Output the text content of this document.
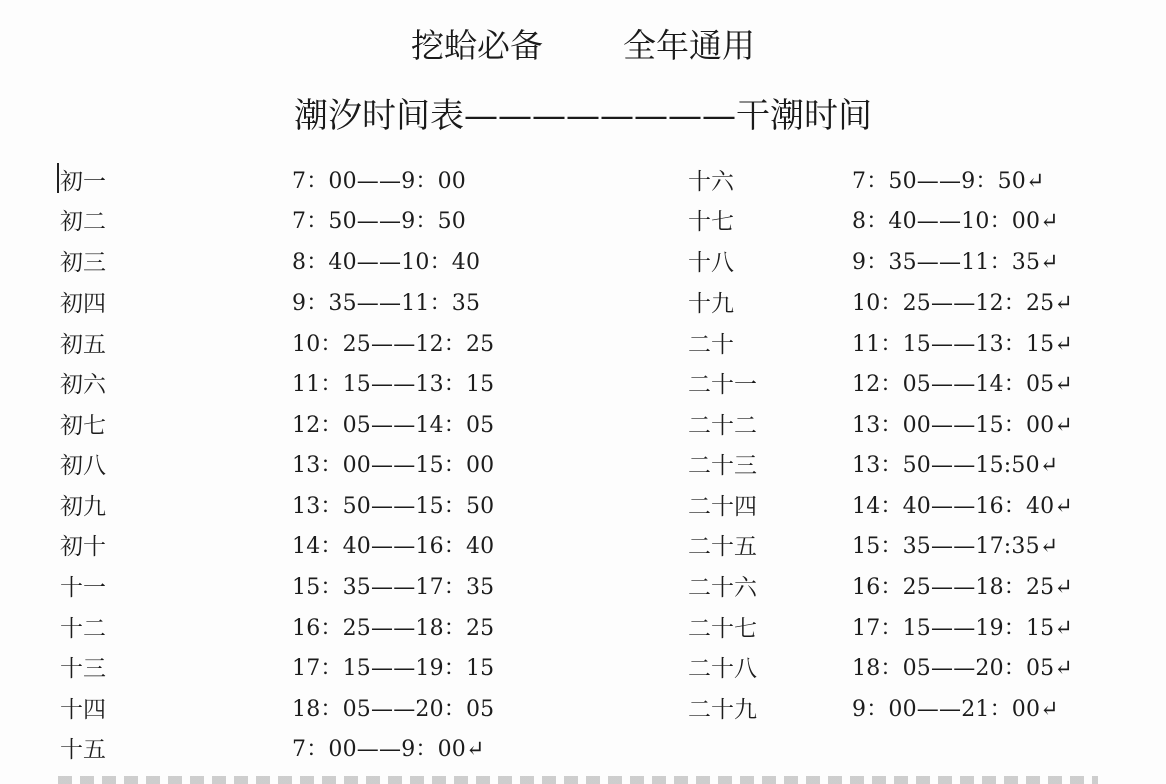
挖蛤必备 全年通用
潮汐时间表————————干潮时间
初一	7：00——9：00
初二	7：50——9：50
初三	8：40——10：40
初四	9：35——11：35
初五	10：25——12：25
初六	11：15——13：15
初七	12：05——14：05
初八	13：00——15：00
初九	13：50——15：50
初十	14：40——16：40
十一	15：35——17：35
十二	16：25——18：25
十三	17：15——19：15
十四	18：05——20：05
十五	7：00——9：00↵
十六	7：50——9：50↵
十七	8：40——10：00↵
十八	9：35——11：35↵
十九	10：25——12：25↵
二十	11：15——13：15↵
二十一	12：05——14：05↵
二十二	13：00——15：00↵
二十三	13：50——15:50↵
二十四	14：40——16：40↵
二十五	15：35——17:35↵
二十六	16：25——18：25↵
二十七	17：15——19：15↵
二十八	18：05——20：05↵
二十九	9：00——21：00↵
